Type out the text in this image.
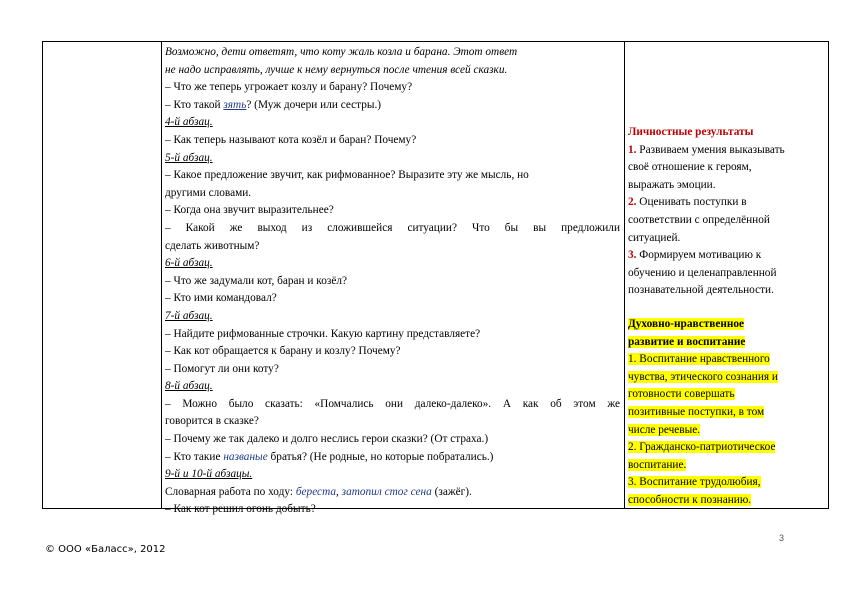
Возможно, дети ответят, что коту жаль козла и барана. Этот ответ
не надо исправлять, лучше к нему вернуться после чтения всей сказки.
– Что же теперь угрожает козлу и барану? Почему?
– Кто такой зять? (Муж дочери или сестры.)
4-й абзац.
– Как теперь называют кота козёл и баран? Почему?
5-й абзац.
– Какое предложение звучит, как рифмованное? Выразите эту же мысль, но
другими словами.
– Когда она звучит выразительнее?
– Какой же выход из сложившейся ситуации? Что бы вы предложили
сделать животным?
6-й абзац.
– Что же задумали кот, баран и козёл?
– Кто ими командовал?
7-й абзац.
– Найдите рифмованные строчки. Какую картину представляете?
– Как кот обращается к барану и козлу? Почему?
– Помогут ли они коту?
8-й абзац.
– Можно было сказать: «Помчались они далеко-далеко». А как об этом же
говорится в сказке?
– Почему же так далеко и долго неслись герои сказки? (От страха.)
– Кто такие названые братья? (Не родные, но которые побратались.)
9-й и 10-й абзацы.
Словарная работа по ходу: береста, затопил стог сена (зажёг).
– Как кот решил огонь добыть?
Личностные результаты
1. Развиваем умения выказывать
своё отношение к героям,
выражать эмоции.
2. Оценивать поступки в
соответствии с определённой
ситуацией.
3. Формируем мотивацию к
обучению и целенаправленной
познавательной деятельности.
Духовно-нравственное
развитие и воспитание
1. Воспитание нравственного
чувства, этического сознания и
готовности совершать
позитивные поступки, в том
числе речевые.
2. Гражданско-патриотическое
воспитание.
3. Воспитание трудолюбия,
способности к познанию.
3
© ООО «Баласс», 2012
